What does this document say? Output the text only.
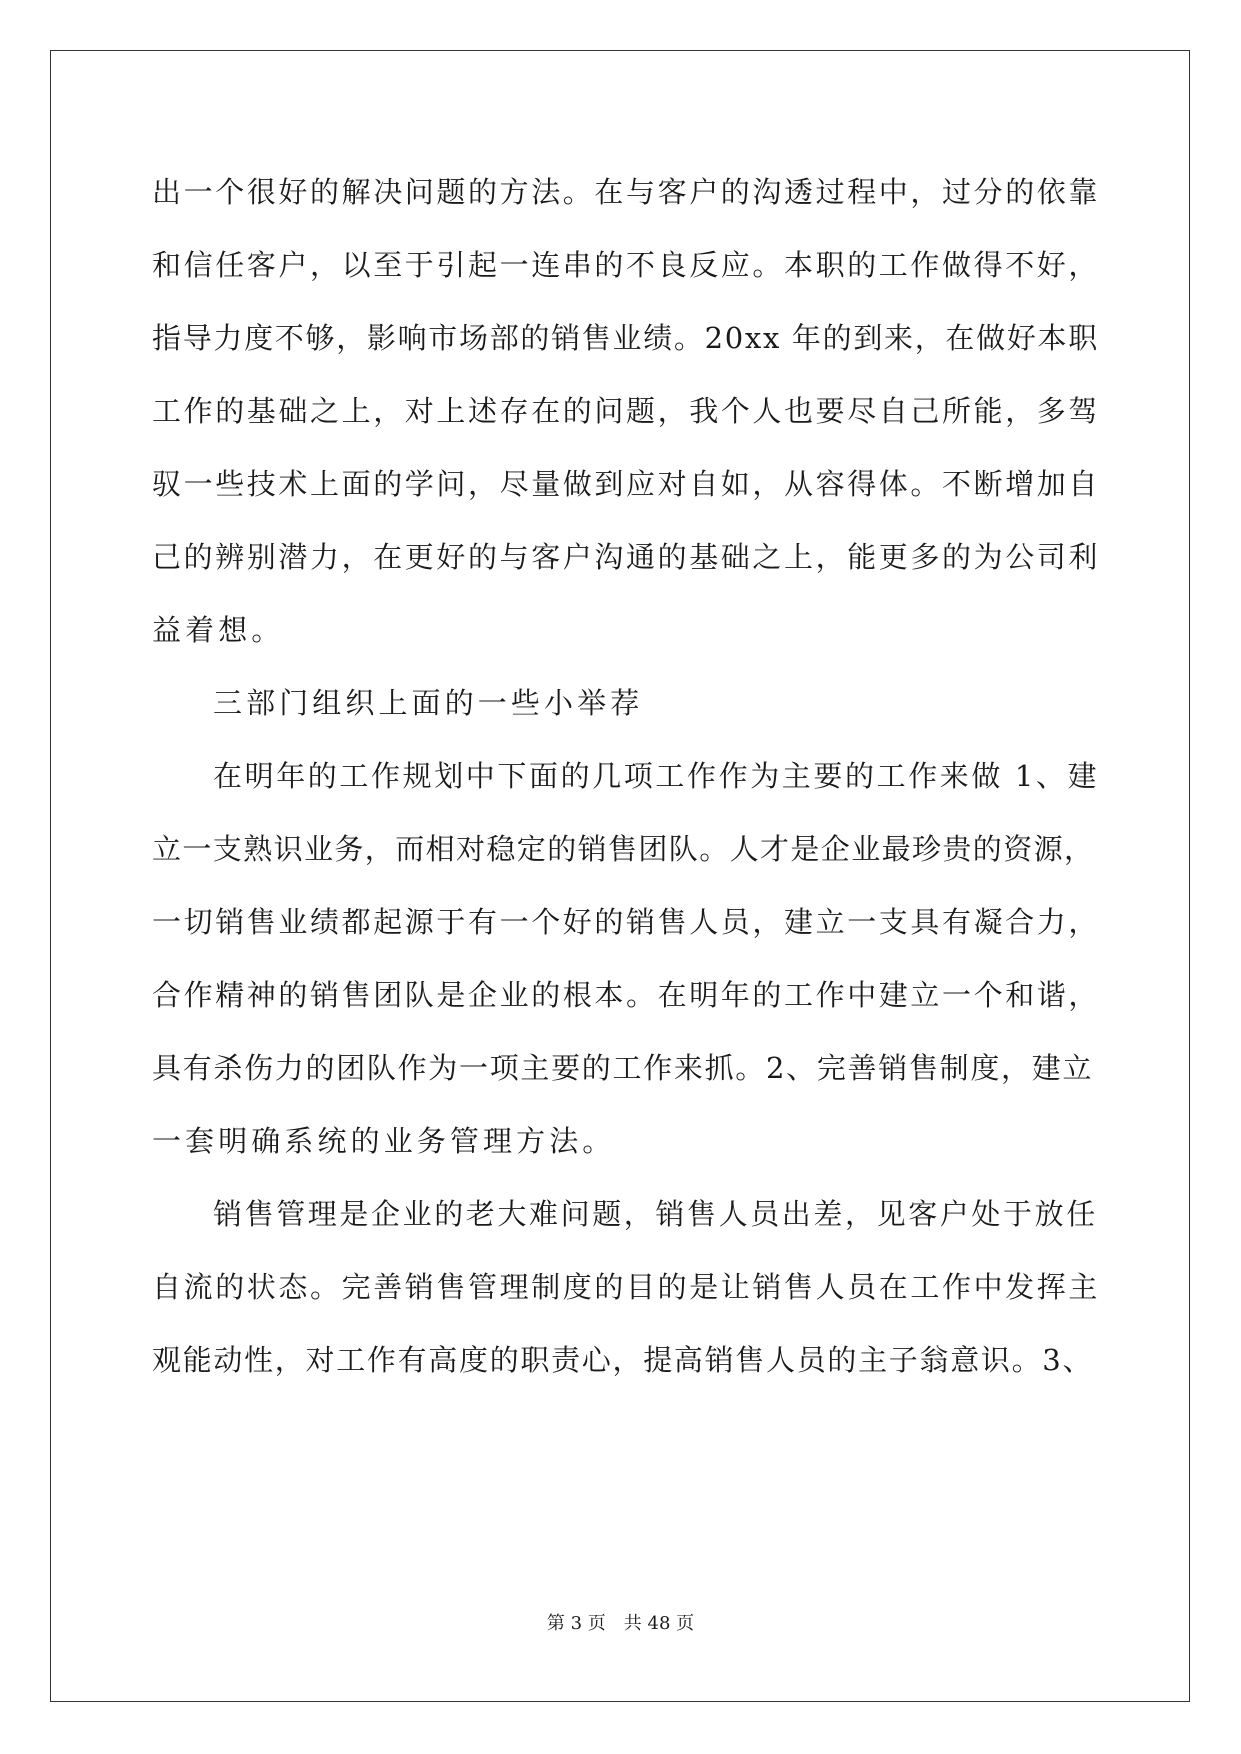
出一个很好的解决问题的方法。在与客户的沟透过程中，过分的依靠
和信任客户，以至于引起一连串的不良反应。本职的工作做得不好，
指导力度不够，影响市场部的销售业绩。20xx 年的到来，在做好本职
工作的基础之上，对上述存在的问题，我个人也要尽自己所能，多驾
驭一些技术上面的学问，尽量做到应对自如，从容得体。不断增加自
己的辨别潜力，在更好的与客户沟通的基础之上，能更多的为公司利
益着想。
三部门组织上面的一些小举荐
在明年的工作规划中下面的几项工作作为主要的工作来做 1、建
立一支熟识业务，而相对稳定的销售团队。人才是企业最珍贵的资源，
一切销售业绩都起源于有一个好的销售人员，建立一支具有凝合力，
合作精神的销售团队是企业的根本。在明年的工作中建立一个和谐，
具有杀伤力的团队作为一项主要的工作来抓。2、完善销售制度，建立
一套明确系统的业务管理方法。
销售管理是企业的老大难问题，销售人员出差，见客户处于放任
自流的状态。完善销售管理制度的目的是让销售人员在工作中发挥主
观能动性，对工作有高度的职责心，提高销售人员的主子翁意识。3、
第 3 页 共 48 页
